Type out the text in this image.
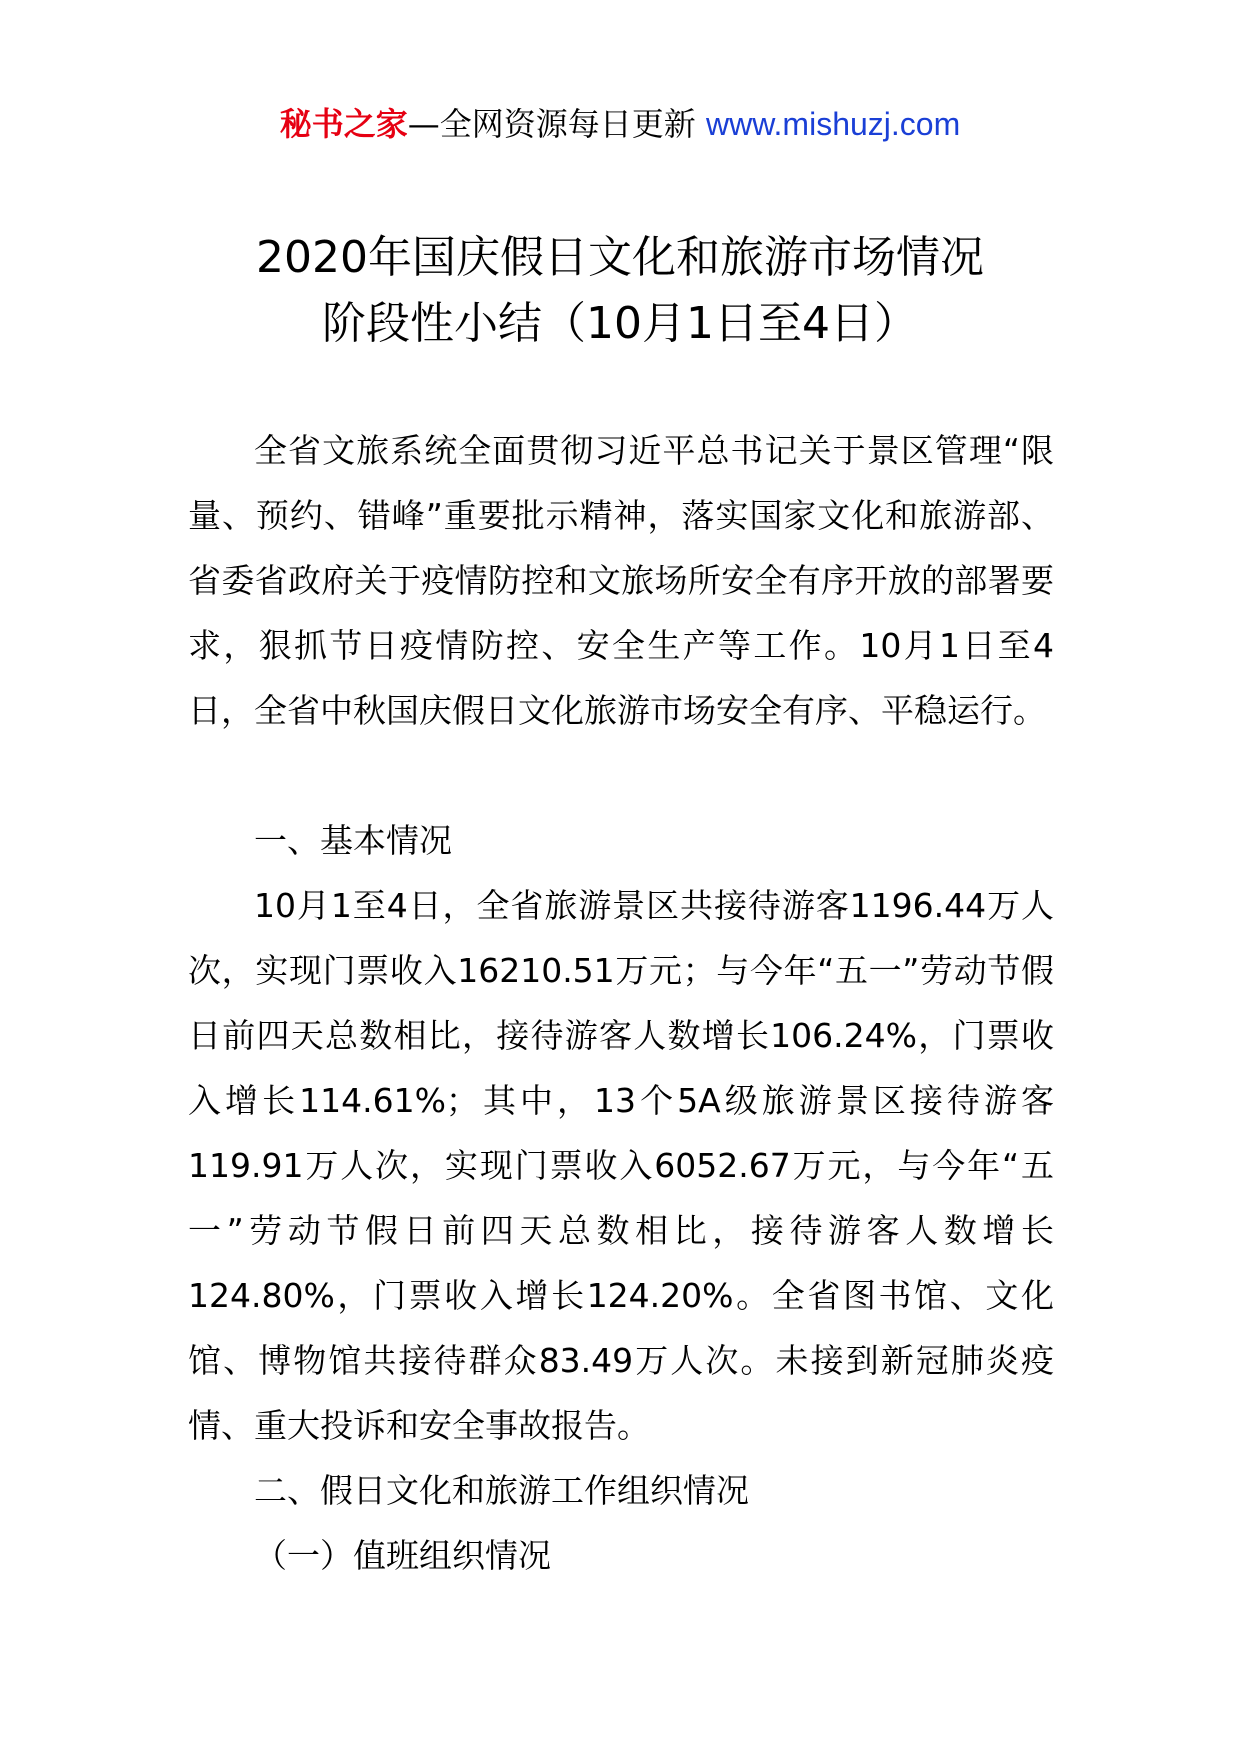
秘书之家—全网资源每日更新 www.mishuzj.com
2020年国庆假日文化和旅游市场情况
阶段性小结（10月1日至4日）
全省文旅系统全面贯彻习近平总书记关于景区管理“限量、预约、错峰”重要批示精神，落实国家文化和旅游部、省委省政府关于疫情防控和文旅场所安全有序开放的部署要求，狠抓节日疫情防控、安全生产等工作。10月1日至4日，全省中秋国庆假日文化旅游市场安全有序、平稳运行。
一、基本情况
10月1至4日，全省旅游景区共接待游客1196.44万人次，实现门票收入16210.51万元；与今年“五一”劳动节假日前四天总数相比，接待游客人数增长106.24%，门票收入增长114.61%；其中，13个5A级旅游景区接待游客119.91万人次，实现门票收入6052.67万元，与今年“五一”劳动节假日前四天总数相比，接待游客人数增长124.80%，门票收入增长124.20%。全省图书馆、文化馆、博物馆共接待群众83.49万人次。未接到新冠肺炎疫情、重大投诉和安全事故报告。
二、假日文化和旅游工作组织情况
（一）值班组织情况
